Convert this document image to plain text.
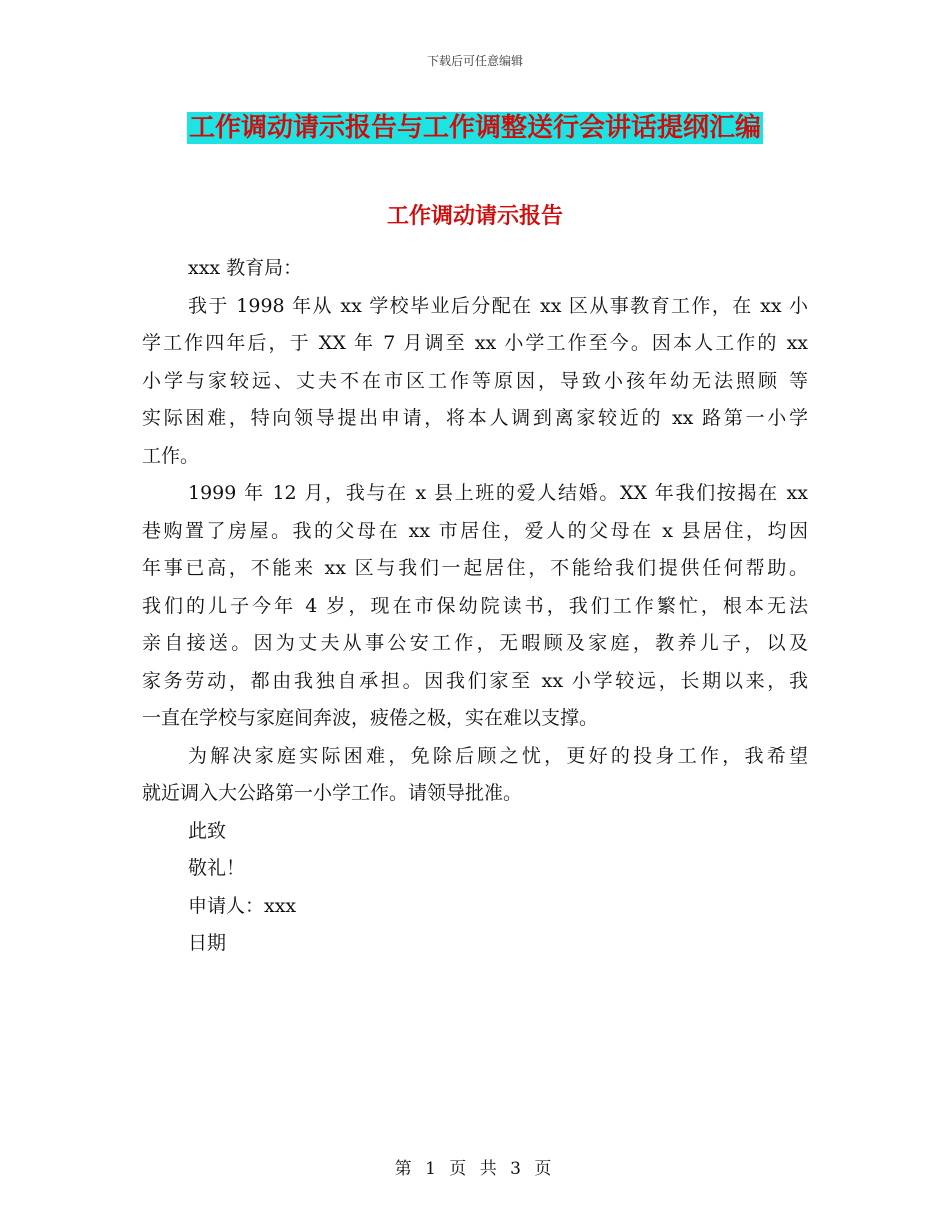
下载后可任意编辑
工作调动请示报告与工作调整送行会讲话提纲汇编
工作调动请示报告
xxx 教育局：
我于 1998 年从 xx 学校毕业后分配在 xx 区从事教育工作，在 xx 小
学工作四年后，于 XX 年 7 月调至 xx 小学工作至今。因本人工作的 xx
小学与家较远、丈夫不在市区工作等原因，导致小孩年幼无法照顾 等
实际困难，特向领导提出申请，将本人调到离家较近的 xx 路第一小学
工作。
1999 年 12 月，我与在 x 县上班的爱人结婚。XX 年我们按揭在 xx
巷购置了房屋。我的父母在 xx 市居住，爱人的父母在 x 县居住，均因
年事已高，不能来 xx 区与我们一起居住，不能给我们提供任何帮助。
我们的儿子今年 4 岁，现在市保幼院读书，我们工作繁忙，根本无法
亲自接送。因为丈夫从事公安工作，无暇顾及家庭，教养儿子，以及
家务劳动，都由我独自承担。因我们家至 xx 小学较远，长期以来，我
一直在学校与家庭间奔波，疲倦之极，实在难以支撑。
为解决家庭实际困难，免除后顾之忧，更好的投身工作，我希望
就近调入大公路第一小学工作。请领导批准。
此致
敬礼！
申请人：xxx
日期
第 1 页 共 3 页
